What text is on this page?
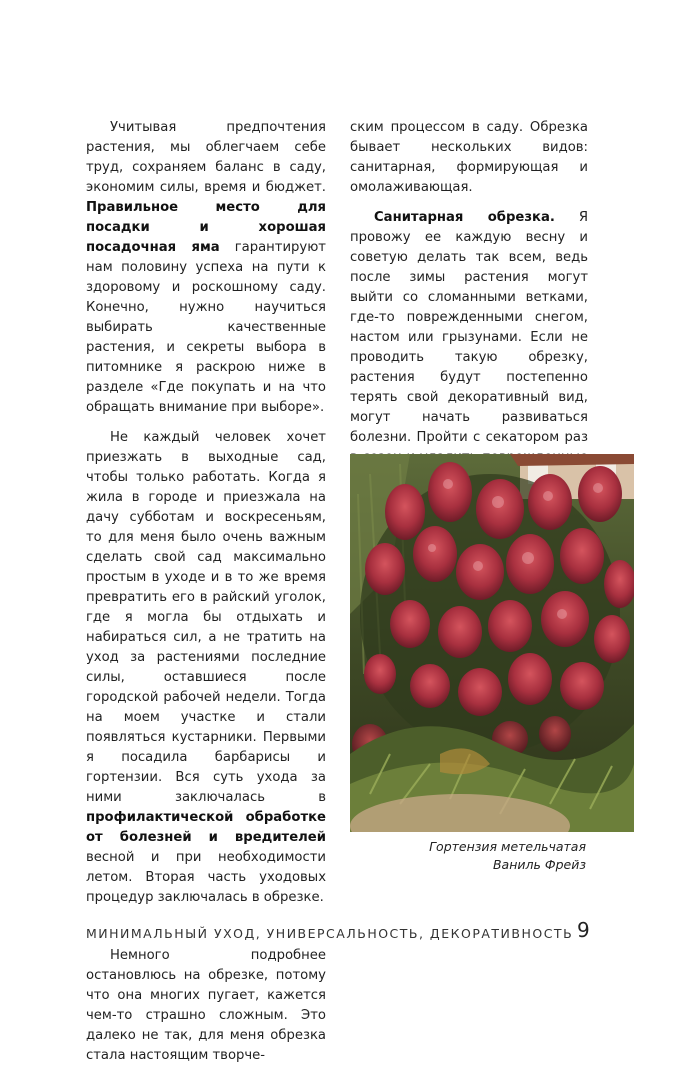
Учитывая предпочтения растения, мы облегчаем себе труд, сохраняем баланс в саду, экономим силы, время и бюджет. Правильное место для посадки и хорошая посадочная яма гарантируют нам половину успеха на пути к здоровому и роскошному саду. Конечно, нужно научиться выбирать качественные растения, и секреты выбора в питомнике я раскрою ниже в разделе «Где покупать и на что обращать внимание при выборе».

Не каждый человек хочет приезжать в выходные сад, чтобы только работать. Когда я жила в городе и приезжала на дачу субботам и воскресеньям, то для меня было очень важным сделать свой сад максимально простым в уходе и в то же время превратить его в райский уголок, где я могла бы отдыхать и набираться сил, а не тратить на уход за растениями последние силы, оставшиеся после городской рабочей недели. Тогда на моем участке и стали появляться кустарники. Первыми я посадила барбарисы и гортензии. Вся суть ухода за ними заключалась в профилактической обработке от болезней и вредителей весной и при необходимости летом. Вторая часть уходовых процедур заключалась в обрезке.

Немного подробнее остановлюсь на обрезке, потому что она многих пугает, кажется чем-то страшно сложным. Это далеко не так, для меня обрезка стала настоящим творче-

ским процессом в саду. Обрезка бывает нескольких видов: санитарная, формирующая и омолаживающая.

Санитарная обрезка. Я провожу ее каждую весну и советую делать так всем, ведь после зимы растения могут выйти со сломанными ветками, где-то поврежденными снегом, настом или грызунами. Если не проводить такую обрезку, растения будут постепенно терять свой декоративный вид, могут начать развиваться болезни. Пройти с секатором раз

Гортензия метельчатая
Ваниль Фрейз
МИНИМАЛЬНЫЙ УХОД, УНИВЕРСАЛЬНОСТЬ, ДЕКОРАТИВНОСТЬ 9
